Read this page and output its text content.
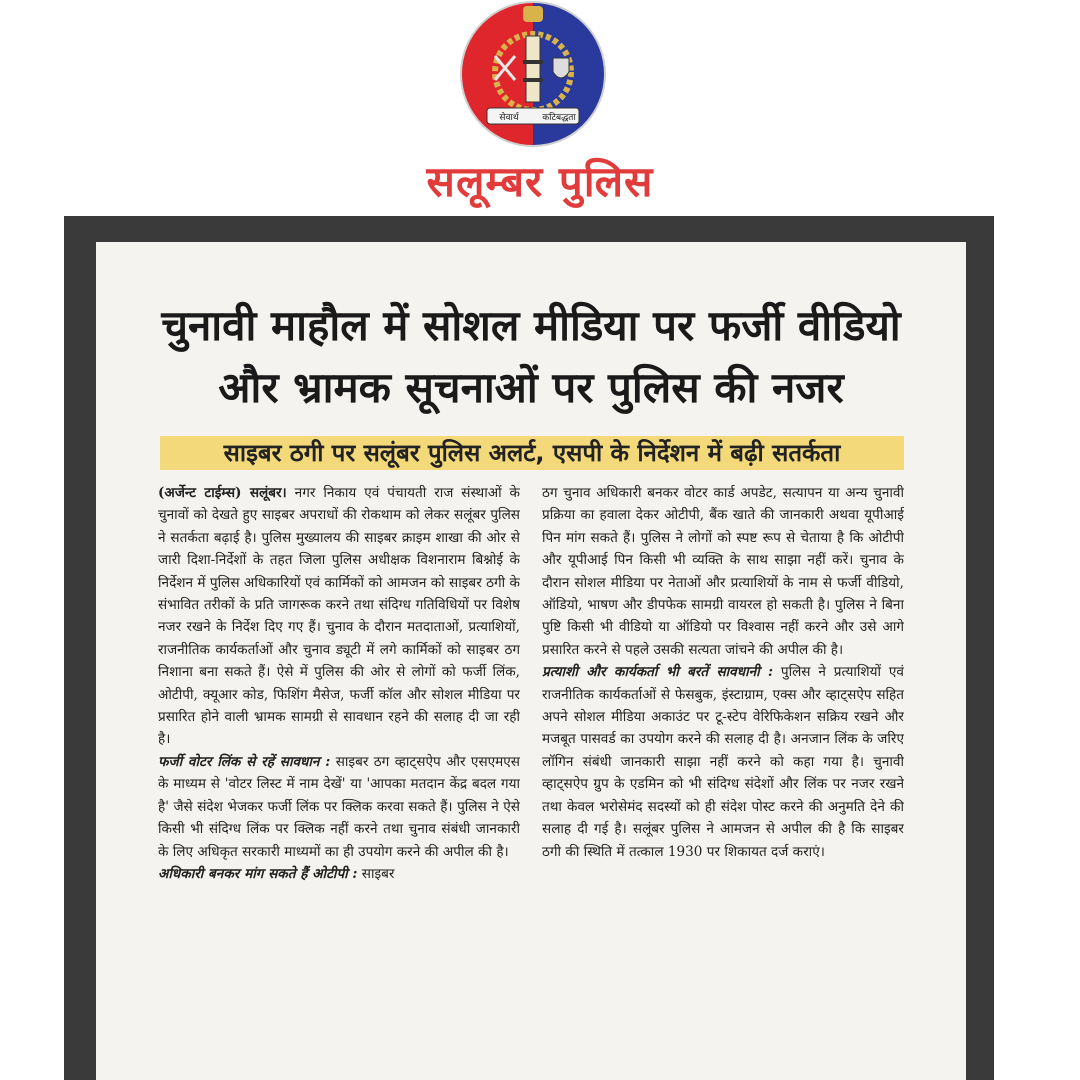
सेवार्थ	कटिबद्धता
सलूम्बर पुलिस
चुनावी माहौल में सोशल मीडिया पर फर्जी वीडियो
और भ्रामक सूचनाओं पर पुलिस की नजर
साइबर ठगी पर सलूंबर पुलिस अलर्ट, एसपी के निर्देशन में बढ़ी सतर्कता

(अर्जेन्ट टाईम्स) सलूंबर। नगर निकाय एवं पंचायती राज संस्थाओं के चुनावों को देखते हुए साइबर अपराधों की रोकथाम को लेकर सलूंबर पुलिस ने सतर्कता बढ़ाई है। पुलिस मुख्यालय की साइबर क्राइम शाखा की ओर से जारी दिशा-निर्देशों के तहत जिला पुलिस अधीक्षक विशनाराम बिश्नोई के निर्देशन में पुलिस अधिकारियों एवं कार्मिकों को आमजन को साइबर ठगी के संभावित तरीकों के प्रति जागरूक करने तथा संदिग्ध गतिविधियों पर विशेष नजर रखने के निर्देश दिए गए हैं। चुनाव के दौरान मतदाताओं, प्रत्याशियों, राजनीतिक कार्यकर्ताओं और चुनाव ड्यूटी में लगे कार्मिकों को साइबर ठग निशाना बना सकते हैं। ऐसे में पुलिस की ओर से लोगों को फर्जी लिंक, ओटीपी, क्यूआर कोड, फिशिंग मैसेज, फर्जी कॉल और सोशल मीडिया पर प्रसारित होने वाली भ्रामक सामग्री से सावधान रहने की सलाह दी जा रही है।

फर्जी वोटर लिंक से रहें सावधान : साइबर ठग व्हाट्सऐप और एसएमएस के माध्यम से 'वोटर लिस्ट में नाम देखें' या 'आपका मतदान केंद्र बदल गया है' जैसे संदेश भेजकर फर्जी लिंक पर क्लिक करवा सकते हैं। पुलिस ने ऐसे किसी भी संदिग्ध लिंक पर क्लिक नहीं करने तथा चुनाव संबंधी जानकारी के लिए अधिकृत सरकारी माध्यमों का ही उपयोग करने की अपील की है।

अधिकारी बनकर मांग सकते हैं ओटीपी : साइबर

ठग चुनाव अधिकारी बनकर वोटर कार्ड अपडेट, सत्यापन या अन्य चुनावी प्रक्रिया का हवाला देकर ओटीपी, बैंक खाते की जानकारी अथवा यूपीआई पिन मांग सकते हैं। पुलिस ने लोगों को स्पष्ट रूप से चेताया है कि ओटीपी और यूपीआई पिन किसी भी व्यक्ति के साथ साझा नहीं करें। चुनाव के दौरान सोशल मीडिया पर नेताओं और प्रत्याशियों के नाम से फर्जी वीडियो, ऑडियो, भाषण और डीपफेक सामग्री वायरल हो सकती है। पुलिस ने बिना पुष्टि किसी भी वीडियो या ऑडियो पर विश्वास नहीं करने और उसे आगे प्रसारित करने से पहले उसकी सत्यता जांचने की अपील की है।

प्रत्याशी और कार्यकर्ता भी बरतें सावधानी : पुलिस ने प्रत्याशियों एवं राजनीतिक कार्यकर्ताओं से फेसबुक, इंस्टाग्राम, एक्स और व्हाट्सऐप सहित अपने सोशल मीडिया अकाउंट पर टू-स्टेप वेरिफिकेशन सक्रिय रखने और मजबूत पासवर्ड का उपयोग करने की सलाह दी है। अनजान लिंक के जरिए लॉगिन संबंधी जानकारी साझा नहीं करने को कहा गया है। चुनावी व्हाट्सऐप ग्रुप के एडमिन को भी संदिग्ध संदेशों और लिंक पर नजर रखने तथा केवल भरोसेमंद सदस्यों को ही संदेश पोस्ट करने की अनुमति देने की सलाह दी गई है। सलूंबर पुलिस ने आमजन से अपील की है कि साइबर ठगी की स्थिति में तत्काल 1930 पर शिकायत दर्ज कराएं।
